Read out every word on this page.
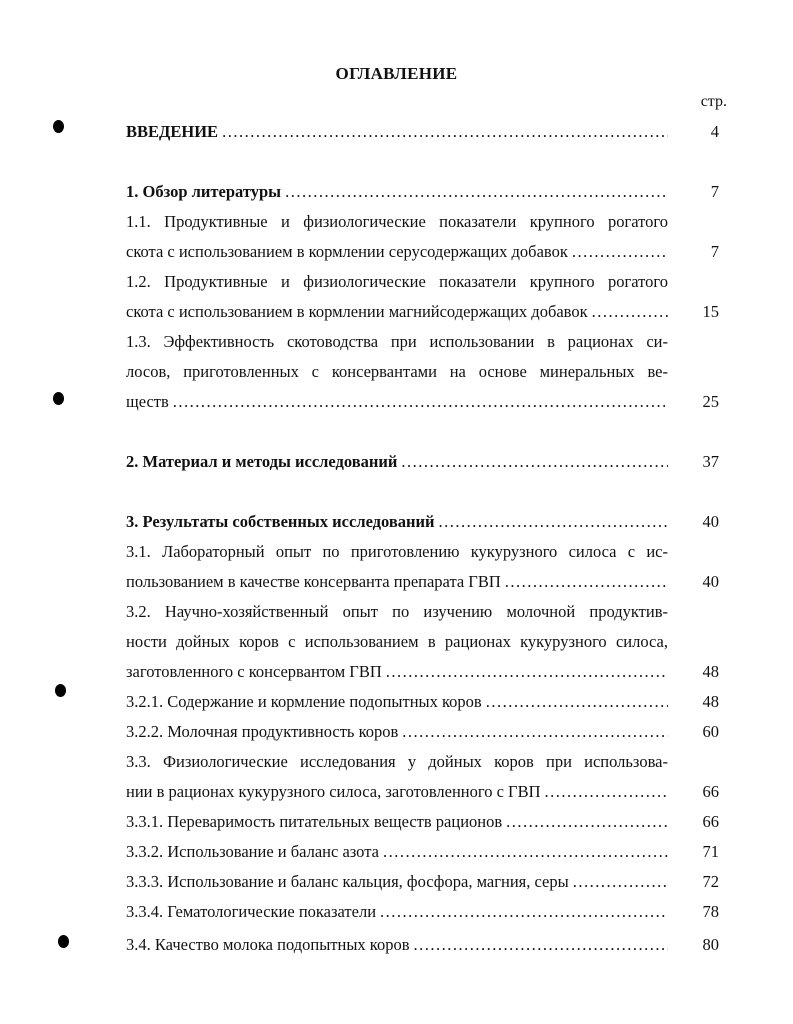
ОГЛАВЛЕНИЕ
стр.
4
ВВЕДЕНИЕ
.....
7
1. Обзор литературы
.....
1.1. Продуктивные и физиологические показатели крупного рогатого
7
скота с использованием в кормлении серусодержащих добавок
.....
1.2. Продуктивные и физиологические показатели крупного рогатого
15
скота с использованием в кормлении магнийсодержащих добавок
.....
1.3. Эффективность скотоводства при использовании в рационах си-
лосов, приготовленных с консервантами на основе минеральных ве-
25
ществ
.....
37
2. Материал и методы исследований
.....
40
3. Результаты собственных исследований
.....
3.1. Лабораторный опыт по приготовлению кукурузного силоса с ис-
40
пользованием в качестве консерванта препарата ГВП
.....
3.2. Научно-хозяйственный опыт по изучению молочной продуктив-
ности дойных коров с использованием в рационах кукурузного силоса,
48
заготовленного с консервантом ГВП
.....
48
3.2.1. Содержание и кормление подопытных коров
.....
60
3.2.2. Молочная продуктивность коров
.....
3.3. Физиологические исследования у дойных коров при использова-
66
нии в рационах кукурузного силоса, заготовленного с ГВП
.....
66
3.3.1. Переваримость питательных веществ рационов
.....
71
3.3.2. Использование и баланс азота
.....
72
3.3.3. Использование и баланс кальция, фосфора, магния, серы
.....
78
3.3.4. Гематологические показатели
.....
80
3.4. Качество молока подопытных коров
.....
